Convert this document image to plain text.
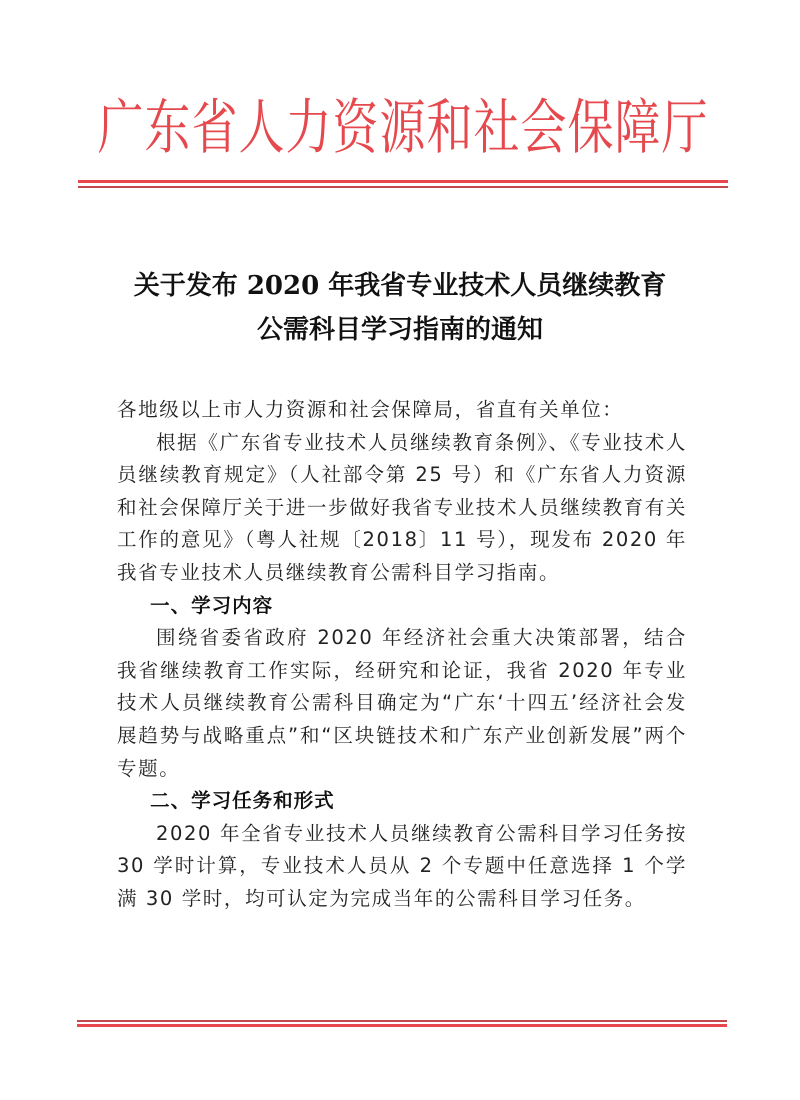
广东省人力资源和社会保障厅
关于发布 2020 年我省专业技术人员继续教育
公需科目学习指南的通知

各地级以上市人力资源和社会保障局，省直有关单位：

根据《广东省专业技术人员继续教育条例》、《专业技术人员继续教育规定》（人社部令第 25 号）和《广东省人力资源和社会保障厅关于进一步做好我省专业技术人员继续教育有关工作的意见》（粤人社规〔2018〕11 号），现发布 2020 年我省专业技术人员继续教育公需科目学习指南。

一、学习内容

围绕省委省政府 2020 年经济社会重大决策部署，结合我省继续教育工作实际，经研究和论证，我省 2020 年专业技术人员继续教育公需科目确定为“广东‘十四五’经济社会发展趋势与战略重点”和“区块链技术和广东产业创新发展”两个专题。

二、学习任务和形式

2020 年全省专业技术人员继续教育公需科目学习任务按 30 学时计算，专业技术人员从 2 个专题中任意选择 1 个学满 30 学时，均可认定为完成当年的公需科目学习任务。
